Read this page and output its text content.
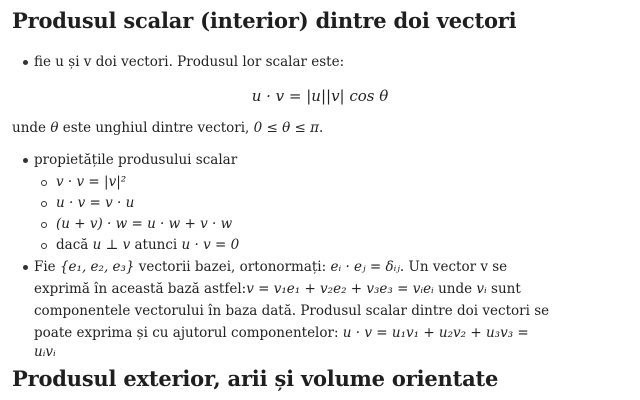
Produsul scalar (interior) dintre doi vectori
fie u și v doi vectori. Produsul lor scalar este:
u · v = |u||v| cos θ
unde θ este unghiul dintre vectori, 0 ≤ θ ≤ π.
propietățile produsului scalar
v · v = |v|²
u · v = v · u
(u + v) · w = u · w + v · w
dacă u ⊥ v atunci u · v = 0
Fie {e₁, e₂, e₃} vectorii bazei, ortonormați: eᵢ · eⱼ = δᵢⱼ. Un vector v se
exprimă în această bază astfel:v = v₁e₁ + v₂e₂ + v₃e₃ = vᵢeᵢ unde vᵢ sunt
componentele vectorului în baza dată. Produsul scalar dintre doi vectori se
poate exprima și cu ajutorul componentelor: u · v = u₁v₁ + u₂v₂ + u₃v₃ =
uᵢvᵢ
Produsul exterior, arii și volume orientate
